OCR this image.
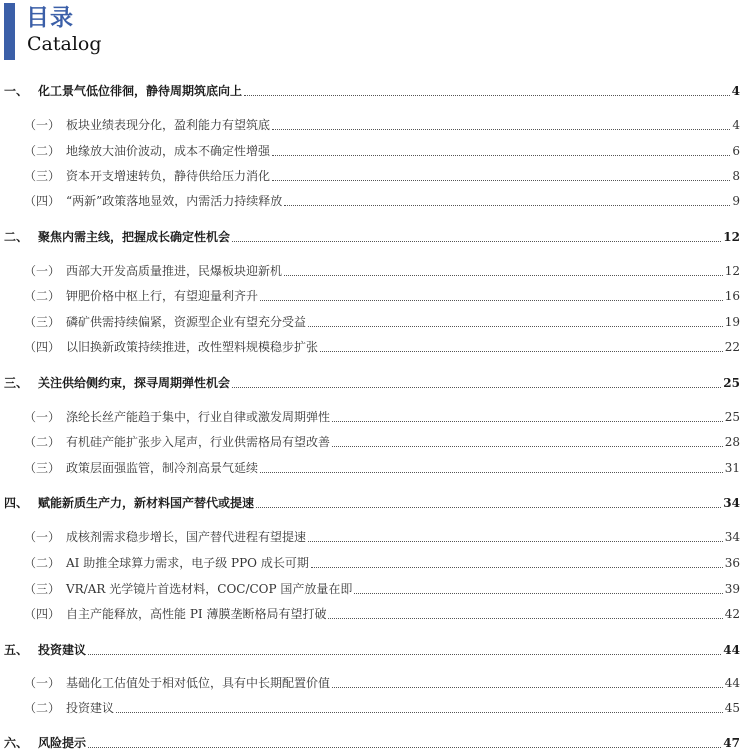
目录
Catalog
一、 化工景气低位徘徊，静待周期筑底向上	4
（一） 板块业绩表现分化，盈利能力有望筑底	4
（二） 地缘放大油价波动，成本不确定性增强	6
（三） 资本开支增速转负，静待供给压力消化	8
（四） “两新”政策落地显效，内需活力持续释放	9
二、 聚焦内需主线，把握成长确定性机会	12
（一） 西部大开发高质量推进，民爆板块迎新机	12
（二） 钾肥价格中枢上行，有望迎量利齐升	16
（三） 磷矿供需持续偏紧，资源型企业有望充分受益	19
（四） 以旧换新政策持续推进，改性塑料规模稳步扩张	22
三、 关注供给侧约束，探寻周期弹性机会	25
（一） 涤纶长丝产能趋于集中，行业自律或激发周期弹性	25
（二） 有机硅产能扩张步入尾声，行业供需格局有望改善	28
（三） 政策层面强监管，制冷剂高景气延续	31
四、 赋能新质生产力，新材料国产替代或提速	34
（一） 成核剂需求稳步增长，国产替代进程有望提速	34
（二） AI 助推全球算力需求，电子级 PPO 成长可期	36
（三） VR/AR 光学镜片首选材料，COC/COP 国产放量在即	39
（四） 自主产能释放，高性能 PI 薄膜垄断格局有望打破	42
五、 投资建议	44
（一） 基础化工估值处于相对低位，具有中长期配置价值	44
（二） 投资建议	45
六、 风险提示	47
